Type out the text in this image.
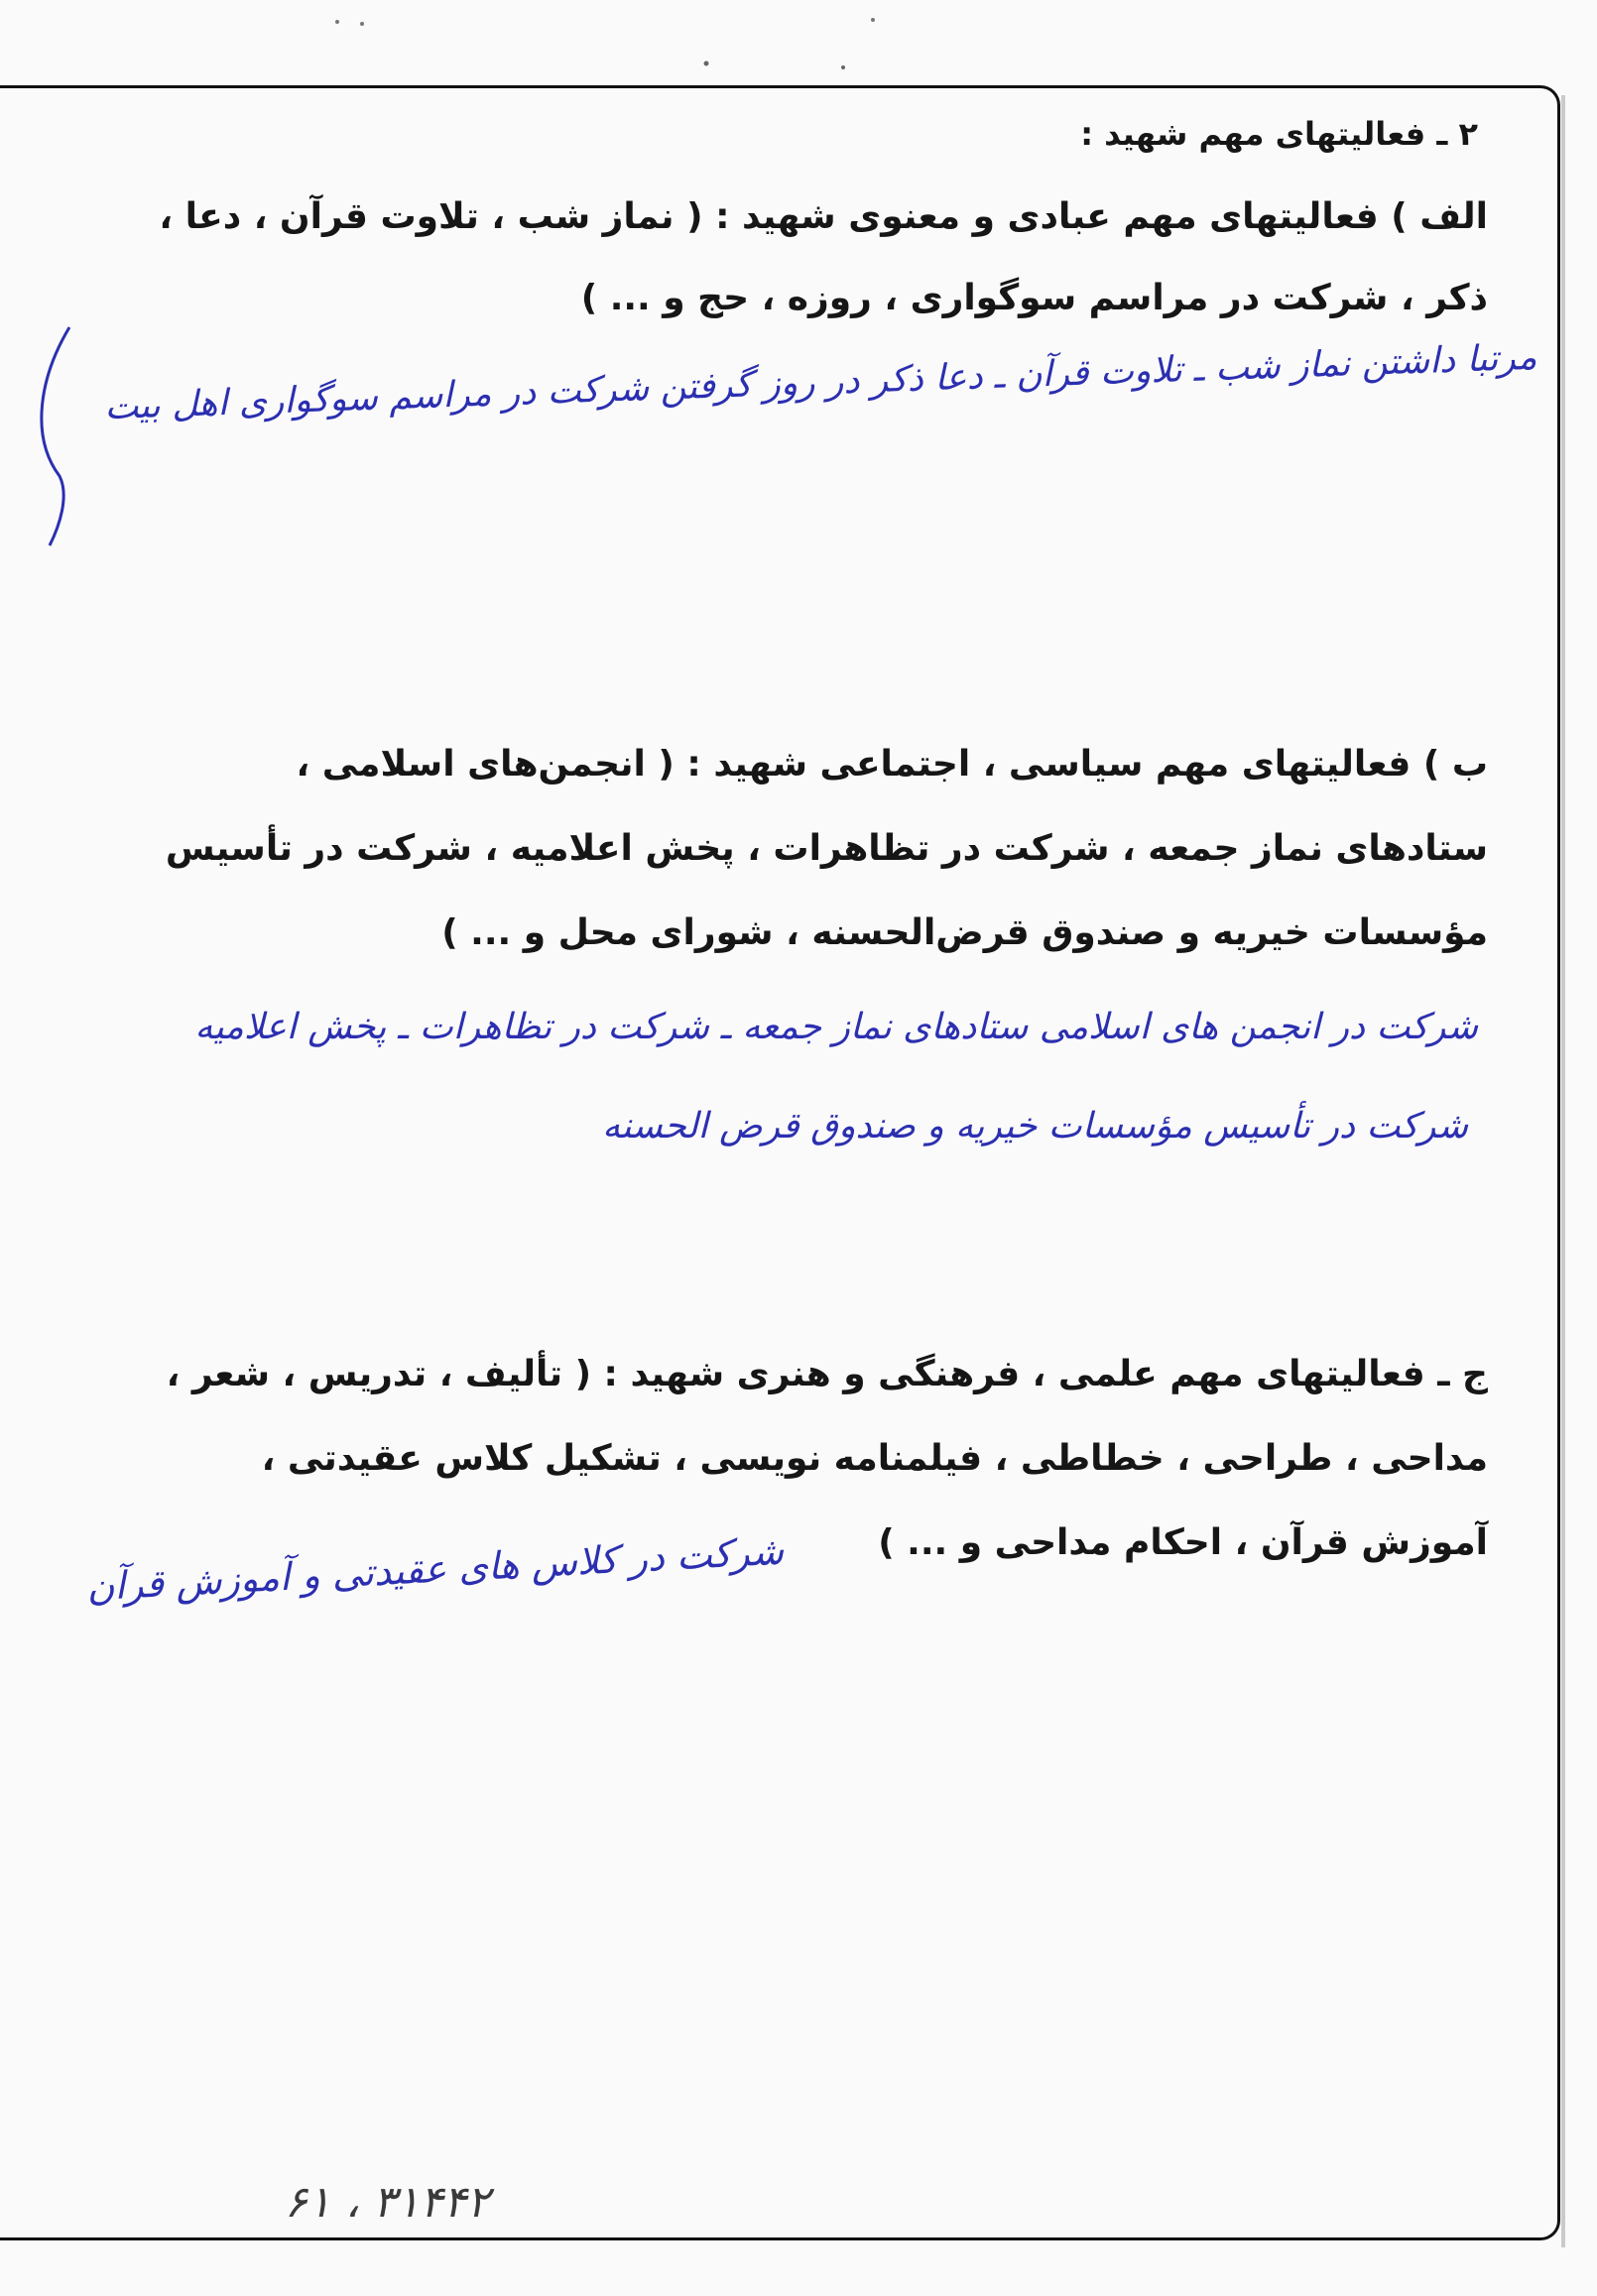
۲ ـ فعالیتهای مهم شهید :

الف ) فعالیتهای مهم عبادی و معنوی شهید : ( نماز شب ، تلاوت قرآن ، دعا ،

ذکر ، شرکت در مراسم سوگواری ، روزه ، حج و ... )

مرتبا داشتن نماز شب ـ تلاوت قرآن ـ دعا ذکر در روز گرفتن شرکت در مراسم سوگواری اهل بیت

ب ) فعالیتهای مهم سیاسی ، اجتماعی شهید : ( انجمن‌های اسلامی ،

ستادهای نماز جمعه ، شرکت در تظاهرات ، پخش اعلامیه ، شرکت در تأسیس

مؤسسات خیریه و صندوق قرض‌الحسنه ، شورای محل و ... )

شرکت در انجمن های اسلامی ستادهای نماز جمعه ـ شرکت در تظاهرات ـ پخش اعلامیه

شرکت در تأسیس مؤسسات خیریه و صندوق قرض الحسنه

ج ـ فعالیتهای مهم علمی ، فرهنگی و هنری شهید : ( تألیف ، تدریس ، شعر ،

مداحی ، طراحی ، خطاطی ، فیلمنامه نویسی ، تشکیل کلاس عقیدتی ،

آموزش قرآن ، احکام مداحی و ... )

شرکت در کلاس های عقیدتی و آموزش قرآن

۶۱ ، ۳۱۴۴۲
